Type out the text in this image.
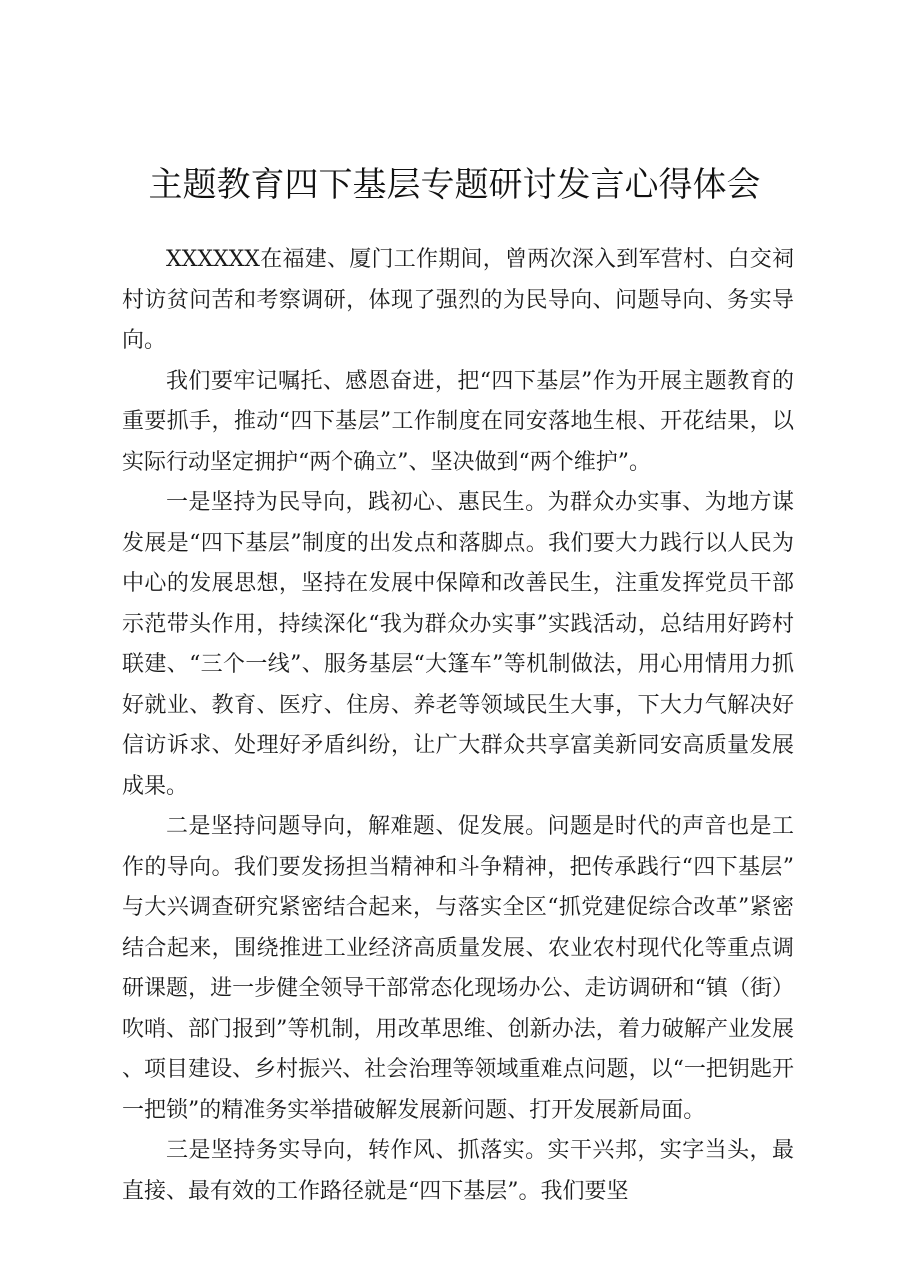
主题教育四下基层专题研讨发言心得体会

XXXXXX在福建、厦门工作期间，曾两次深入到军营村、白交祠村访贫问苦和考察调研，体现了强烈的为民导向、问题导向、务实导向。

我们要牢记嘱托、感恩奋进，把“四下基层”作为开展主题教育的重要抓手，推动“四下基层”工作制度在同安落地生根、开花结果，以实际行动坚定拥护“两个确立”、坚决做到“两个维护”。

一是坚持为民导向，践初心、惠民生。为群众办实事、为地方谋发展是“四下基层”制度的出发点和落脚点。我们要大力践行以人民为中心的发展思想，坚持在发展中保障和改善民生，注重发挥党员干部示范带头作用，持续深化“我为群众办实事”实践活动，总结用好跨村联建、“三个一线”、服务基层“大篷车”等机制做法，用心用情用力抓好就业、教育、医疗、住房、养老等领域民生大事，下大力气解决好信访诉求、处理好矛盾纠纷，让广大群众共享富美新同安高质量发展成果。

二是坚持问题导向，解难题、促发展。问题是时代的声音也是工作的导向。我们要发扬担当精神和斗争精神，把传承践行“四下基层”与大兴调查研究紧密结合起来，与落实全区“抓党建促综合改革”紧密结合起来，围绕推进工业经济高质量发展、农业农村现代化等重点调研课题，进一步健全领导干部常态化现场办公、走访调研和“镇（街）吹哨、部门报到”等机制，用改革思维、创新办法，着力破解产业发展、项目建设、乡村振兴、社会治理等领域重难点问题，以“一把钥匙开一把锁”的精准务实举措破解发展新问题、打开发展新局面。

三是坚持务实导向，转作风、抓落实。实干兴邦，实字当头，最直接、最有效的工作路径就是“四下基层”。我们要坚
